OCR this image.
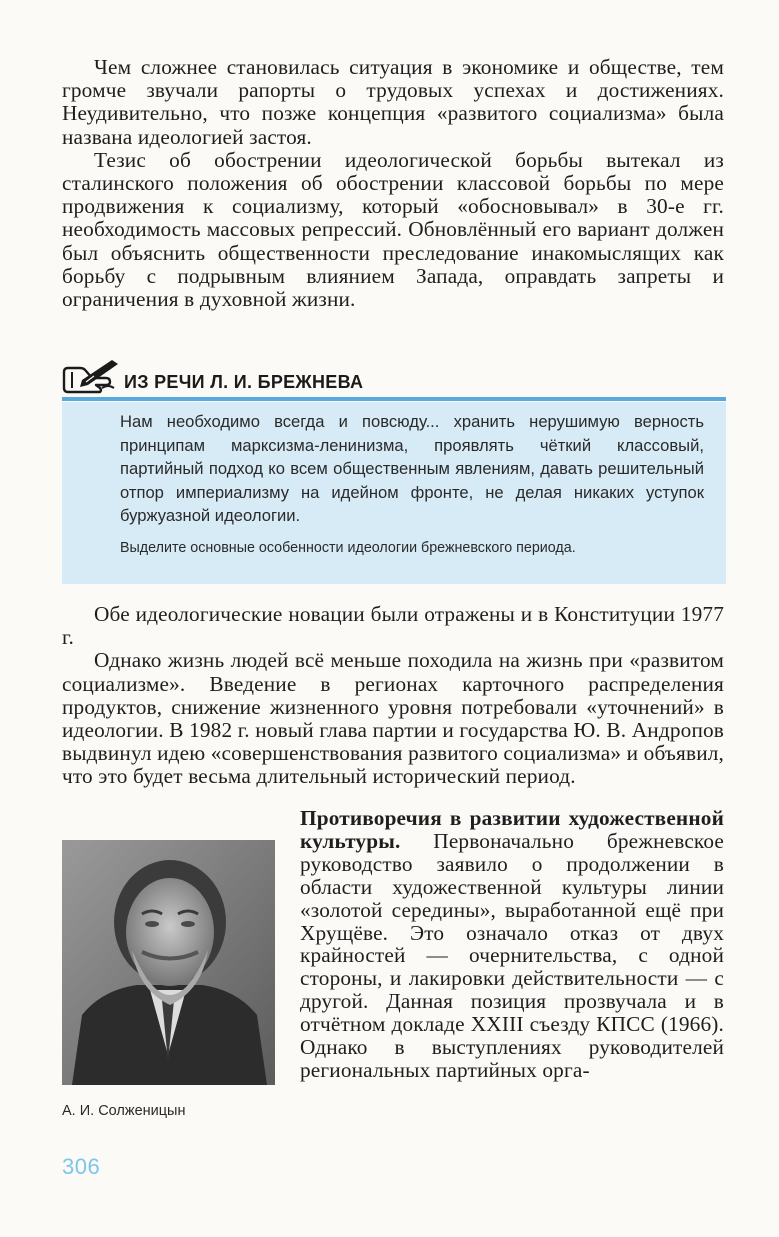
Чем сложнее становилась ситуация в экономике и обществе, тем громче звучали рапорты о трудовых успехах и достижениях. Неудивительно, что позже концепция «развитого социализма» была названа идеологией застоя.

Тезис об обострении идеологической борьбы вытекал из сталинского положения об обострении классовой борьбы по мере продвижения к социализму, который «обосновывал» в 30-е гг. необходимость массовых репрессий. Обновлённый его вариант должен был объяснить общественности преследование инакомыслящих как борьбу с подрывным влиянием Запада, оправдать запреты и ограничения в духовной жизни.

ИЗ РЕЧИ Л. И. БРЕЖНЕВА

Нам необходимо всегда и повсюду... хранить нерушимую верность принципам марксизма-ленинизма, проявлять чёткий классовый, партийный подход ко всем общественным явлениям, давать решительный отпор империализму на идейном фронте, не делая никаких уступок буржуазной идеологии.

Выделите основные особенности идеологии брежневского периода.

Обе идеологические новации были отражены и в Конституции 1977 г.

Однако жизнь людей всё меньше походила на жизнь при «развитом социализме». Введение в регионах карточного распределения продуктов, снижение жизненного уровня потребовали «уточнений» в идеологии. В 1982 г. новый глава партии и государства Ю. В. Андропов выдвинул идею «совершенствования развитого социализма» и объявил, что это будет весьма длительный исторический период.

Противоречия в развитии художественной культуры. Первоначально брежневское руководство заявило о продолжении в области художественной культуры линии «золотой середины», выработанной ещё при Хрущёве. Это означало отказ от двух крайностей — очернительства, с одной стороны, и лакировки действительности — с другой. Данная позиция прозвучала и в отчётном докладе XXIII съезду КПСС (1966). Однако в выступлениях руководителей региональных партийных орга-

А. И. Солженицын
306
